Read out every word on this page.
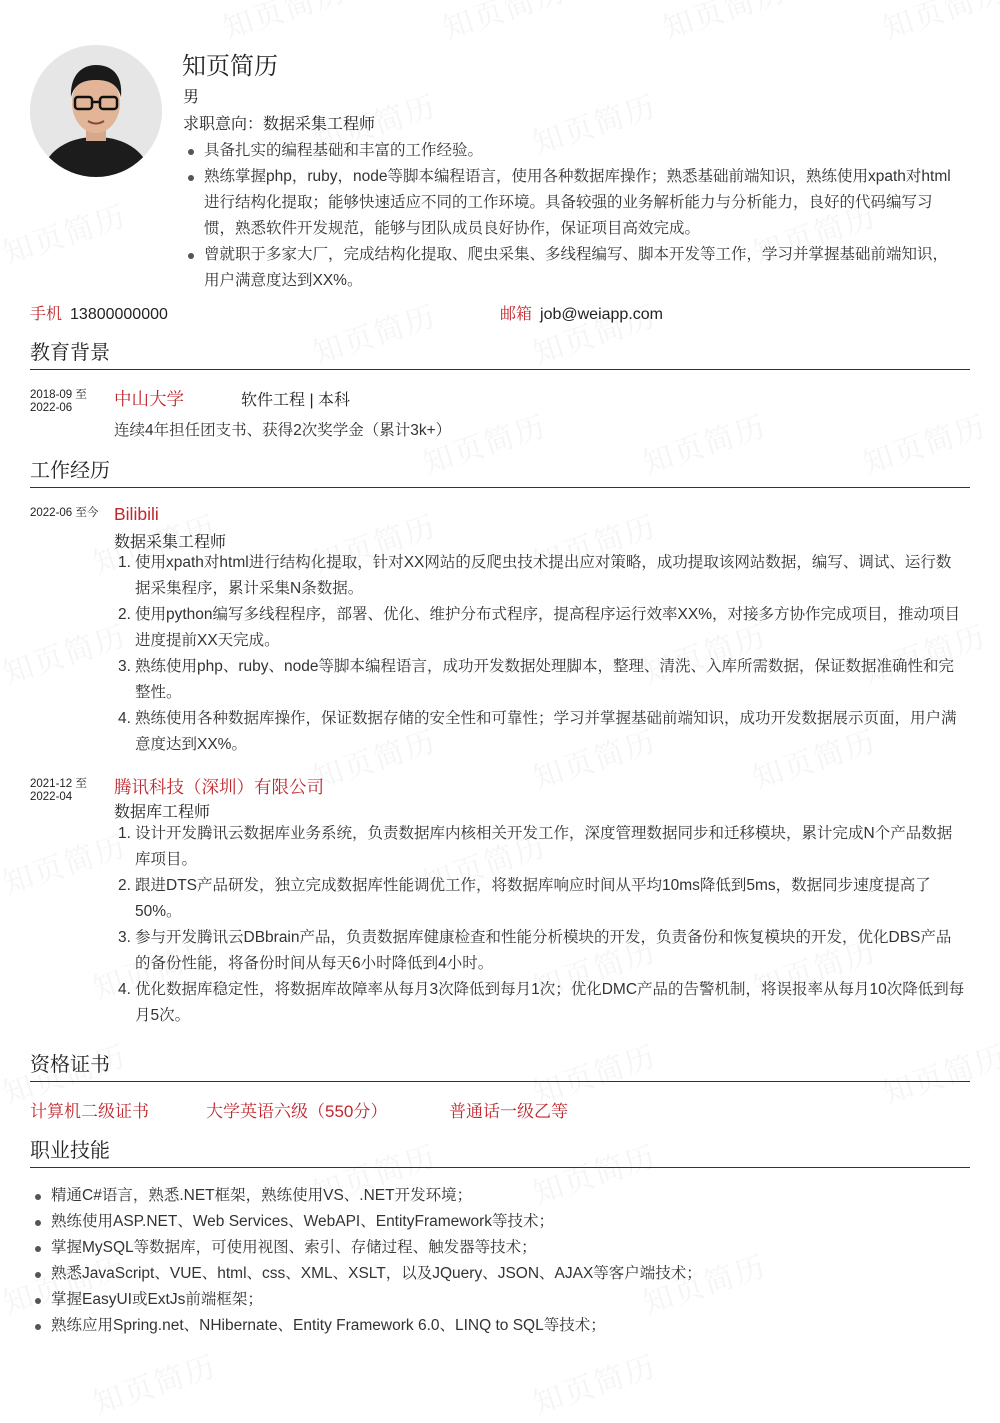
知页简历
男
求职意向：数据采集工程师
具备扎实的编程基础和丰富的工作经验。
熟练掌握php，ruby，node等脚本编程语言，使用各种数据库操作；熟悉基础前端知识，熟练使用xpath对html进行结构化提取；能够快速适应不同的工作环境。具备较强的业务解析能力与分析能力，良好的代码编写习惯，熟悉软件开发规范，能够与团队成员良好协作，保证项目高效完成。
曾就职于多家大厂，完成结构化提取、爬虫采集、多线程编写、脚本开发等工作，学习并掌握基础前端知识，用户满意度达到XX%。
手机 13800000000	邮箱 job@weiapp.com
教育背景
2018-09 至
2022-06	中山大学	软件工程 | 本科
连续4年担任团支书、获得2次奖学金（累计3k+）
工作经历
2022-06 至今 Bilibili
数据采集工程师
1. 使用xpath对html进行结构化提取，针对XX网站的反爬虫技术提出应对策略，成功提取该网站数据，编写、调试、运行数据采集程序，累计采集N条数据。
2. 使用python编写多线程程序，部署、优化、维护分布式程序，提高程序运行效率XX%，对接多方协作完成项目，推动项目进度提前XX天完成。
3. 熟练使用php、ruby、node等脚本编程语言，成功开发数据处理脚本，整理、清洗、入库所需数据，保证数据准确性和完整性。
4. 熟练使用各种数据库操作，保证数据存储的安全性和可靠性；学习并掌握基础前端知识，成功开发数据展示页面，用户满意度达到XX%。
2021-12 至
2022-04	腾讯科技（深圳）有限公司
数据库工程师
1. 设计开发腾讯云数据库业务系统，负责数据库内核相关开发工作，深度管理数据同步和迁移模块，累计完成N个产品数据库项目。
2. 跟进DTS产品研发，独立完成数据库性能调优工作，将数据库响应时间从平均10ms降低到5ms，数据同步速度提高了50%。
3. 参与开发腾讯云DBbrain产品，负责数据库健康检查和性能分析模块的开发，负责备份和恢复模块的开发，优化DBS产品的备份性能，将备份时间从每天6小时降低到4小时。
4. 优化数据库稳定性，将数据库故障率从每月3次降低到每月1次；优化DMC产品的告警机制，将误报率从每月10次降低到每月5次。
资格证书
计算机二级证书	大学英语六级（550分）	普通话一级乙等
职业技能
精通C#语言，熟悉.NET框架，熟练使用VS、.NET开发环境；
熟练使用ASP.NET、Web Services、WebAPI、EntityFramework等技术；
掌握MySQL等数据库，可使用视图、索引、存储过程、触发器等技术；
熟悉JavaScript、VUE、html、css、XML、XSLT，以及JQuery、JSON、AJAX等客户端技术；
掌握EasyUI或ExtJs前端框架；
熟练应用Spring.net、NHibernate、Entity Framework 6.0、LINQ to SQL等技术；
